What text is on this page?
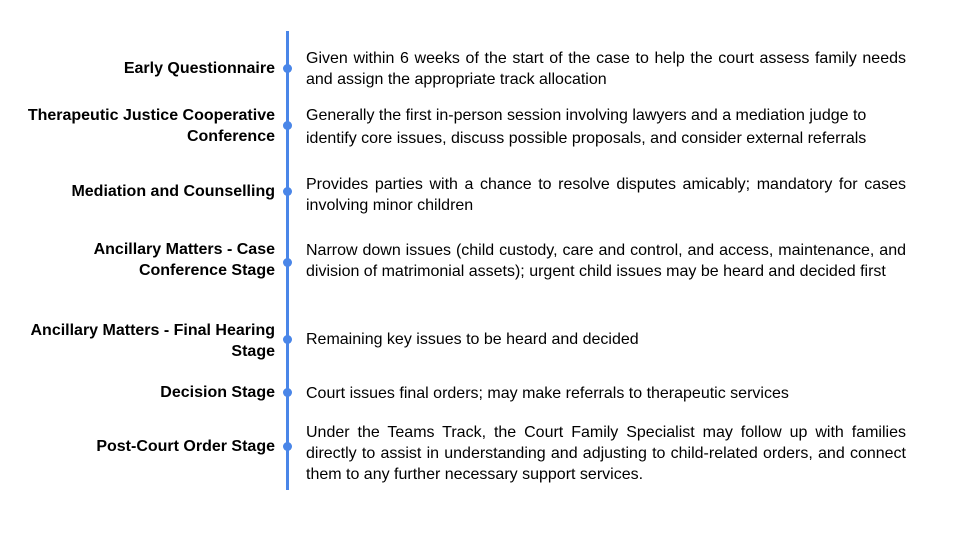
Early Questionnaire
Given within 6 weeks of the start of the case to help the court assess family needs and assign the appropriate track allocation
Therapeutic Justice Cooperative Conference
Generally the first in-person session involving lawyers and a mediation judge to identify core issues, discuss possible proposals, and consider external referrals
Mediation and Counselling Provides parties with a chance to resolve disputes amicably; mandatory for cases involving minor children
Ancillary Matters - Case Conference Stage
Narrow down issues (child custody, care and control, and access, maintenance, and division of matrimonial assets); urgent child issues may be heard and decided first
Ancillary Matters - Final Hearing Stage
Remaining key issues to be heard and decided
Decision Stage Court issues final orders; may make referrals to therapeutic services
Post-Court Order Stage
Under the Teams Track, the Court Family Specialist may follow up with families directly to assist in understanding and adjusting to child-related orders, and connect them to any further necessary support services.
